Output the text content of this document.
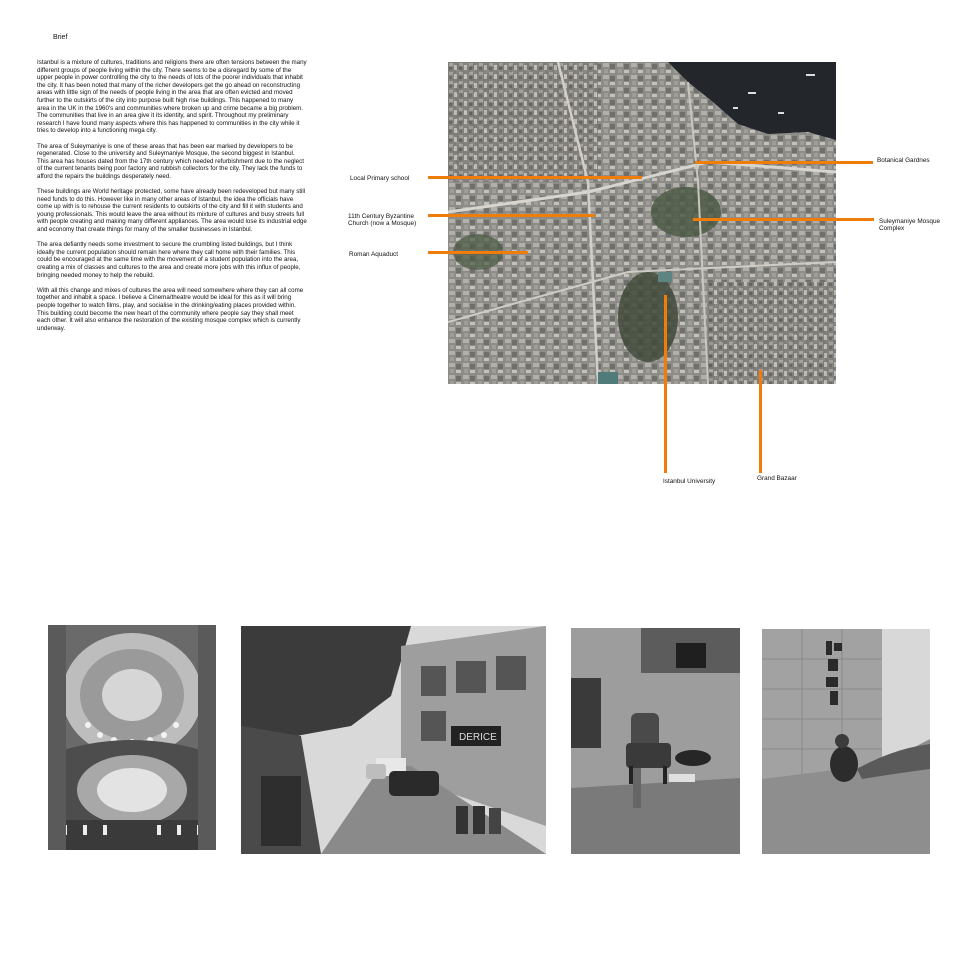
Brief

Istanbul is a mixture of cultures, traditions and religions there are often tensions between the many different groups of people living within the city. There seems to be a disregard by some of the upper people in power controlling the city to the needs of lots of the poorer individuals that inhabit the city. It has been noted that many of the richer developers get the go ahead on reconstructing areas with little sign of the needs of people living in the area that are often evicted and moved further to the outskirts of the city into purpose built high rise buildings. This happened to many area in the UK in the 1960's and communities where broken up and crime became a big problem. The communities that live in an area give it its identity, and spirit. Throughout my preliminary research I have found many aspects where this has happened to communities in the city while it tries to develop into a functioning mega city.

The area of Suleymaniye is one of these areas that has been ear marked by developers to be regenerated. Close to the university and Suleymaniye Mosque, the second biggest in Istanbul. This area has houses dated from the 17th century which needed refurbishment due to the neglect of the current tenants being poor factory and rubbish collectors for the city. They lack the funds to afford the repairs the buildings desperately need.

These buildings are World heritage protected, some have already been redeveloped but many still need funds to do this. However like in many other areas of Istanbul, the idea the officials have come up with is to rehouse the current residents to outskirts of the city and fill it with students and young professionals. This would leave the area without its mixture of cultures and busy streets full with people creating and making many different appliances. The area would lose its industrial edge and economy that create things for many of the smaller businesses in Istanbul.

The area defiantly needs some investment to secure the crumbling listed buildings, but I think ideally the current population should remain here where they call home with their families. This could be encouraged at the same time with the movement of a student population into the area, creating a mix of classes and cultures to the area and create more jobs with this influx of people, bringing needed money to help the rebuild.

With all this change and mixes of cultures the area will need somewhere where they can all come together and inhabit a space. I believe a Cinema/theatre would be ideal for this as it will bring people together to watch films, play, and socialise in the drinking/eating places provided within. This building could become the new heart of the community where people say they shall meet each other. It will also enhance the restoration of the existing mosque complex which is currently underway.

Local Primary school
11th Century Byzantine Church (now a Mosque)
Roman Aquaduct
Botanical Gardnes
Suleymaniye Mosque Complex
Istanbul University	Grand Bazaar
DERICE
